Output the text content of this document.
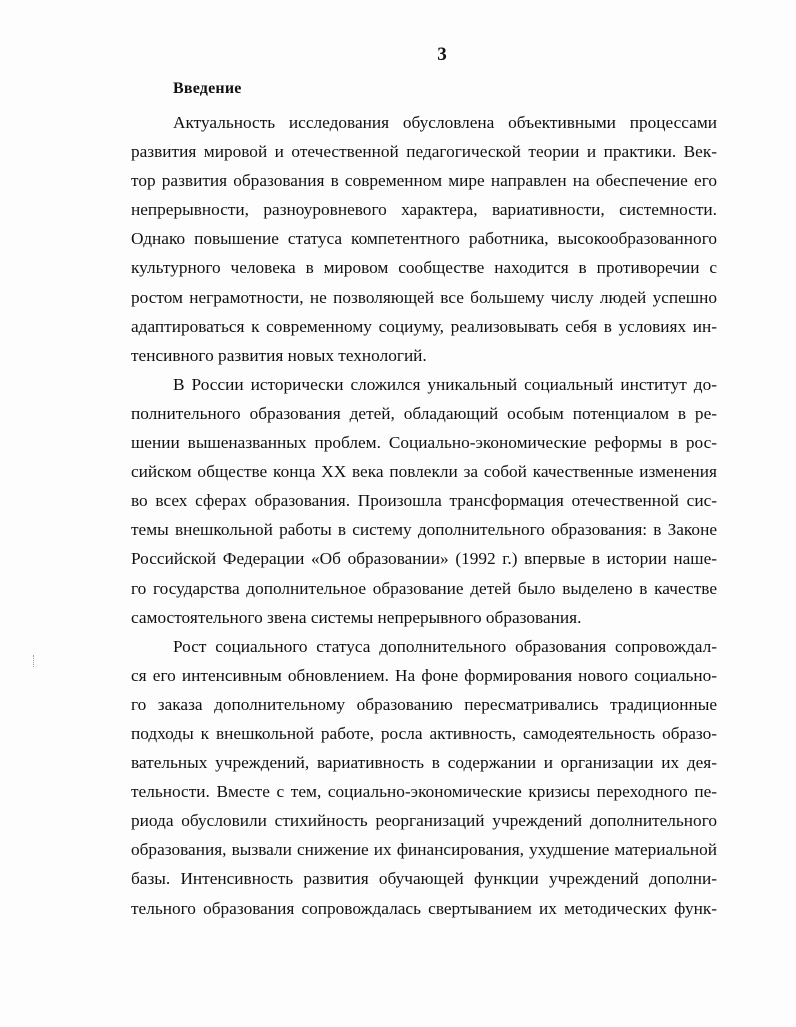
3
Введение
Актуальность исследования обусловлена объективными процессами
развития мировой и отечественной педагогической теории и практики. Век-
тор развития образования в современном мире направлен на обеспечение его
непрерывности, разноуровневого характера, вариативности, системности.
Однако повышение статуса компетентного работника, высокообразованного
культурного человека в мировом сообществе находится в противоречии с
ростом неграмотности, не позволяющей все большему числу людей успешно
адаптироваться к современному социуму, реализовывать себя в условиях ин-
тенсивного развития новых технологий.
В России исторически сложился уникальный социальный институт до-
полнительного образования детей, обладающий особым потенциалом в ре-
шении вышеназванных проблем. Социально-экономические реформы в рос-
сийском обществе конца XX века повлекли за собой качественные изменения
во всех сферах образования. Произошла трансформация отечественной сис-
темы внешкольной работы в систему дополнительного образования: в Законе
Российской Федерации «Об образовании» (1992 г.) впервые в истории наше-
го государства дополнительное образование детей было выделено в качестве
самостоятельного звена системы непрерывного образования.
Рост социального статуса дополнительного образования сопровождал-
ся его интенсивным обновлением. На фоне формирования нового социально-
го заказа дополнительному образованию пересматривались традиционные
подходы к внешкольной работе, росла активность, самодеятельность образо-
вательных учреждений, вариативность в содержании и организации их дея-
тельности. Вместе с тем, социально-экономические кризисы переходного пе-
риода обусловили стихийность реорганизаций учреждений дополнительного
образования, вызвали снижение их финансирования, ухудшение материальной
базы. Интенсивность развития обучающей функции учреждений дополни-
тельного образования сопровождалась свертыванием их методических функ-
